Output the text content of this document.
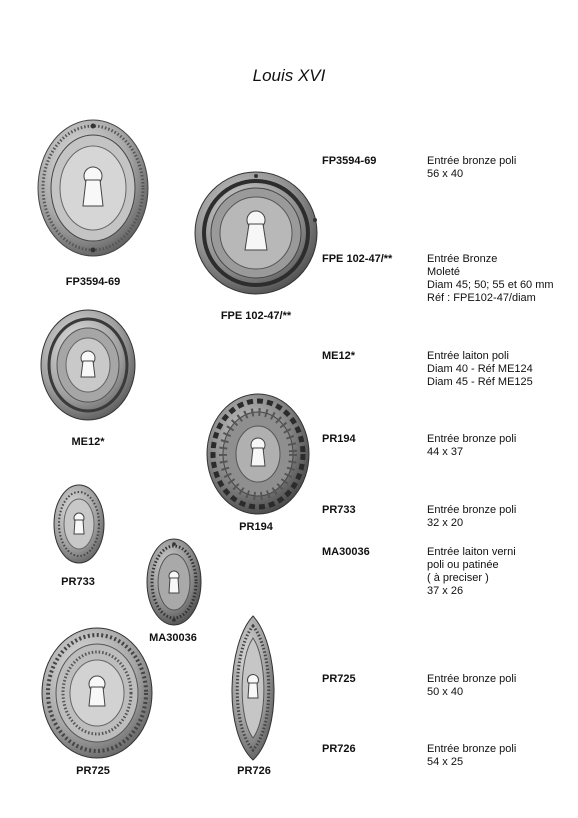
Louis XVI
FP3594-69
FPE 102-47/**
ME12*
PR194
PR733
MA30036
PR725	PR726
FP3594-69	Entrée bronze poli
56 x 40
FPE 102-47/**	Entrée Bronze
Moleté
Diam 45; 50; 55 et 60 mm
Réf : FPE102-47/diam
ME12*	Entrée laiton poli
Diam 40 - Réf ME124
Diam 45 - Réf ME125
PR194	Entrée bronze poli
44 x 37
PR733	Entrée bronze poli
32 x 20
MA30036	Entrée laiton verni
poli ou patinée
( à preciser )
37 x 26
PR725	Entrée bronze poli
50 x 40
PR726	Entrée bronze poli
54 x 25
